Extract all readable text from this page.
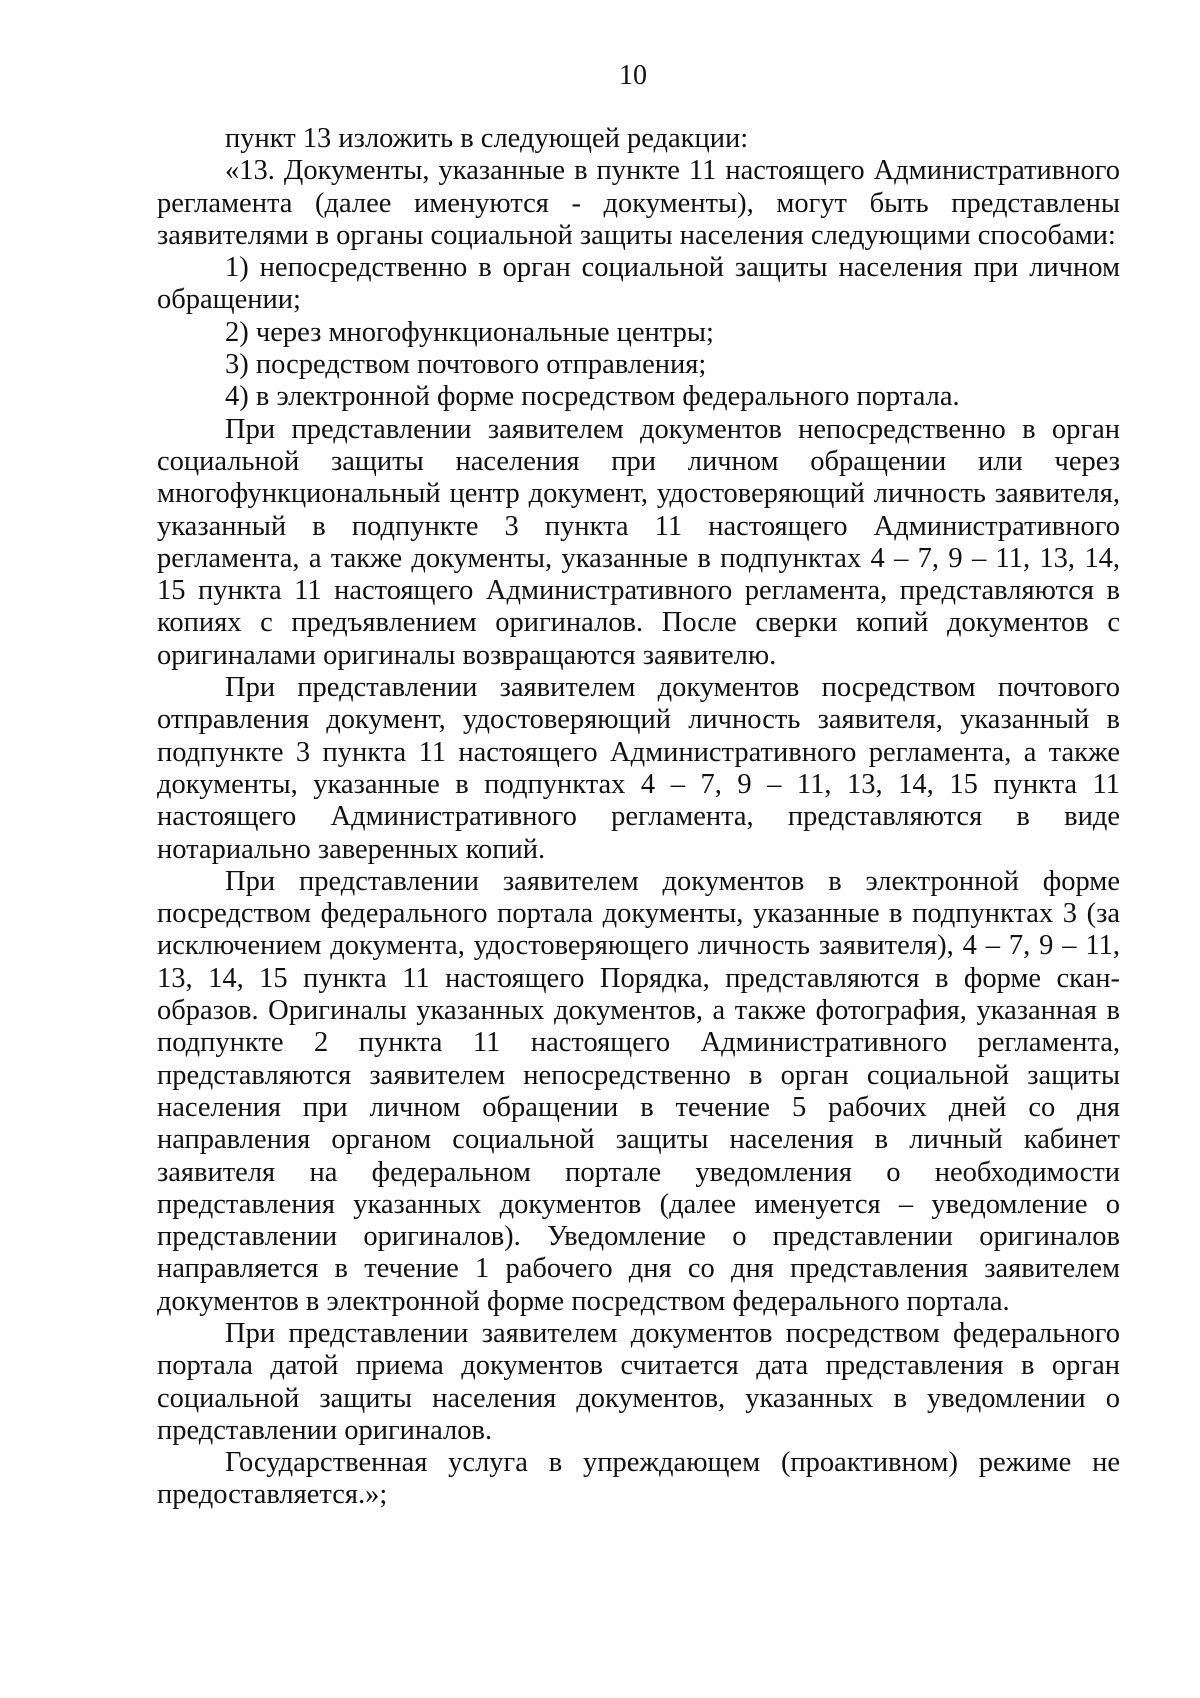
10

пункт 13 изложить в следующей редакции:

«13. Документы, указанные в пункте 11 настоящего Административного регламента (далее именуются - документы), могут быть представлены заявителями в органы социальной защиты населения следующими способами:

1) непосредственно в орган социальной защиты населения при личном обращении;

2) через многофункциональные центры;

3) посредством почтового отправления;

4) в электронной форме посредством федерального портала.

При представлении заявителем документов непосредственно в орган социальной защиты населения при личном обращении или через многофункциональный центр документ, удостоверяющий личность заявителя, указанный в подпункте 3 пункта 11 настоящего Административного регламента, а также документы, указанные в подпунктах 4 – 7, 9 – 11, 13, 14, 15 пункта 11 настоящего Административного регламента, представляются в копиях с предъявлением оригиналов. После сверки копий документов с оригиналами оригиналы возвращаются заявителю.

При представлении заявителем документов посредством почтового отправления документ, удостоверяющий личность заявителя, указанный в подпункте 3 пункта 11 настоящего Административного регламента, а также документы, указанные в подпунктах 4 – 7, 9 – 11, 13, 14, 15 пункта 11 настоящего Административного регламента, представляются в виде нотариально заверенных копий.

При представлении заявителем документов в электронной форме посредством федерального портала документы, указанные в подпунктах 3 (за исключением документа, удостоверяющего личность заявителя), 4 – 7, 9 – 11, 13, 14, 15 пункта 11 настоящего Порядка, представляются в форме скан-образов. Оригиналы указанных документов, а также фотография, указанная в подпункте 2 пункта 11 настоящего Административного регламента, представляются заявителем непосредственно в орган социальной защиты населения при личном обращении в течение 5 рабочих дней со дня направления органом социальной защиты населения в личный кабинет заявителя на федеральном портале уведомления о необходимости представления указанных документов (далее именуется – уведомление о представлении оригиналов). Уведомление о представлении оригиналов направляется в течение 1 рабочего дня со дня представления заявителем документов в электронной форме посредством федерального портала.

При представлении заявителем документов посредством федерального портала датой приема документов считается дата представления в орган социальной защиты населения документов, указанных в уведомлении о представлении оригиналов.

Государственная услуга в упреждающем (проактивном) режиме не предоставляется.»;
